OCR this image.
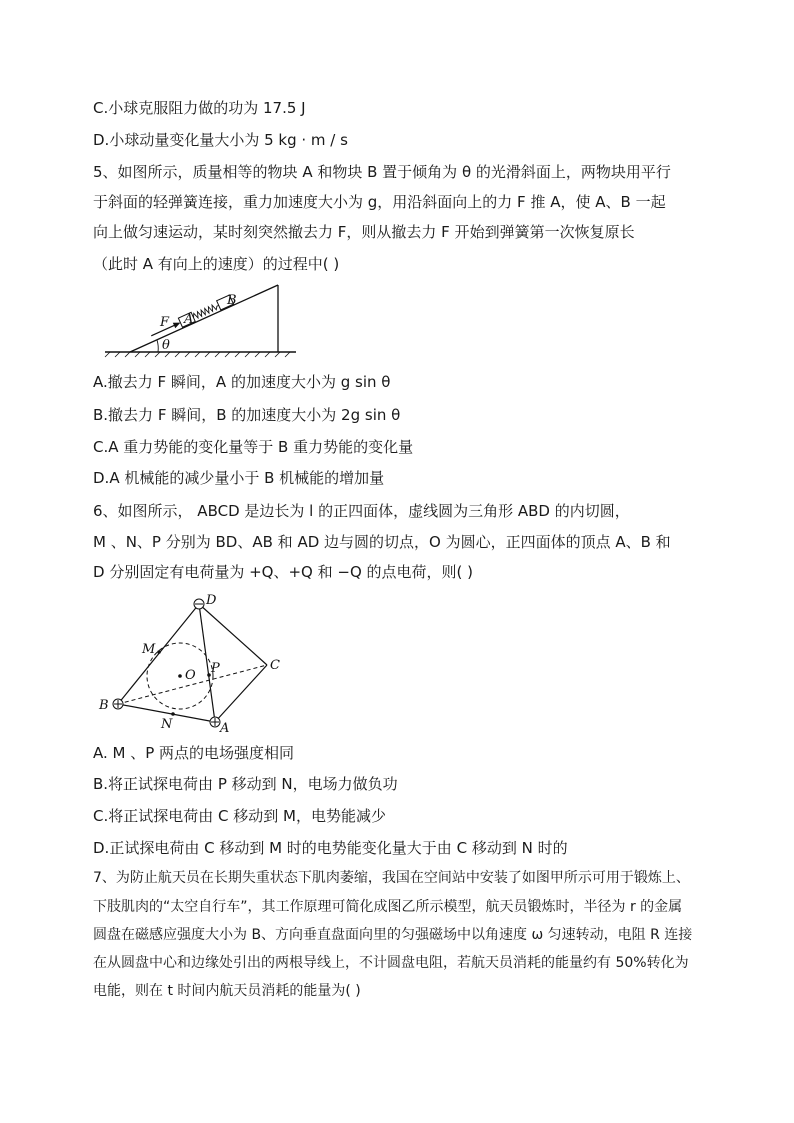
C.小球克服阻力做的功为 17.5 J
D.小球动量变化量大小为 5 kg · m / s
5、如图所示，质量相等的物块 A 和物块 B 置于倾角为 θ 的光滑斜面上，两物块用平行
于斜面的轻弹簧连接，重力加速度大小为 g，用沿斜面向上的力 F 推 A，使 A、B 一起
向上做匀速运动，某时刻突然撤去力 F，则从撤去力 F 开始到弹簧第一次恢复原长
（此时 A 有向上的速度）的过程中( )
F A
B
θ
A.撤去力 F 瞬间，A 的加速度大小为 g sin θ
B.撤去力 F 瞬间，B 的加速度大小为 2g sin θ
C.A 重力势能的变化量等于 B 重力势能的变化量
D.A 机械能的减少量小于 B 机械能的增加量
6、如图所示， ABCD 是边长为 l 的正四面体，虚线圆为三角形 ABD 的内切圆，
M 、N、P 分别为 BD、AB 和 AD 边与圆的切点，O 为圆心，正四面体的顶点 A、B 和
D 分别固定有电荷量为 +Q、+Q 和 −Q 的点电荷，则( )
D
M
O P	C
B
N	A
A. M 、P 两点的电场强度相同
B.将正试探电荷由 P 移动到 N，电场力做负功
C.将正试探电荷由 C 移动到 M，电势能减少
D.正试探电荷由 C 移动到 M 时的电势能变化量大于由 C 移动到 N 时的
7、为防止航天员在长期失重状态下肌肉萎缩，我国在空间站中安装了如图甲所示可用于锻炼上、
下肢肌肉的“太空自行车”，其工作原理可简化成图乙所示模型，航天员锻炼时，半径为 r 的金属
圆盘在磁感应强度大小为 B、方向垂直盘面向里的匀强磁场中以角速度 ω 匀速转动，电阻 R 连接
在从圆盘中心和边缘处引出的两根导线上，不计圆盘电阻，若航天员消耗的能量约有 50%转化为
电能，则在 t 时间内航天员消耗的能量为( )
